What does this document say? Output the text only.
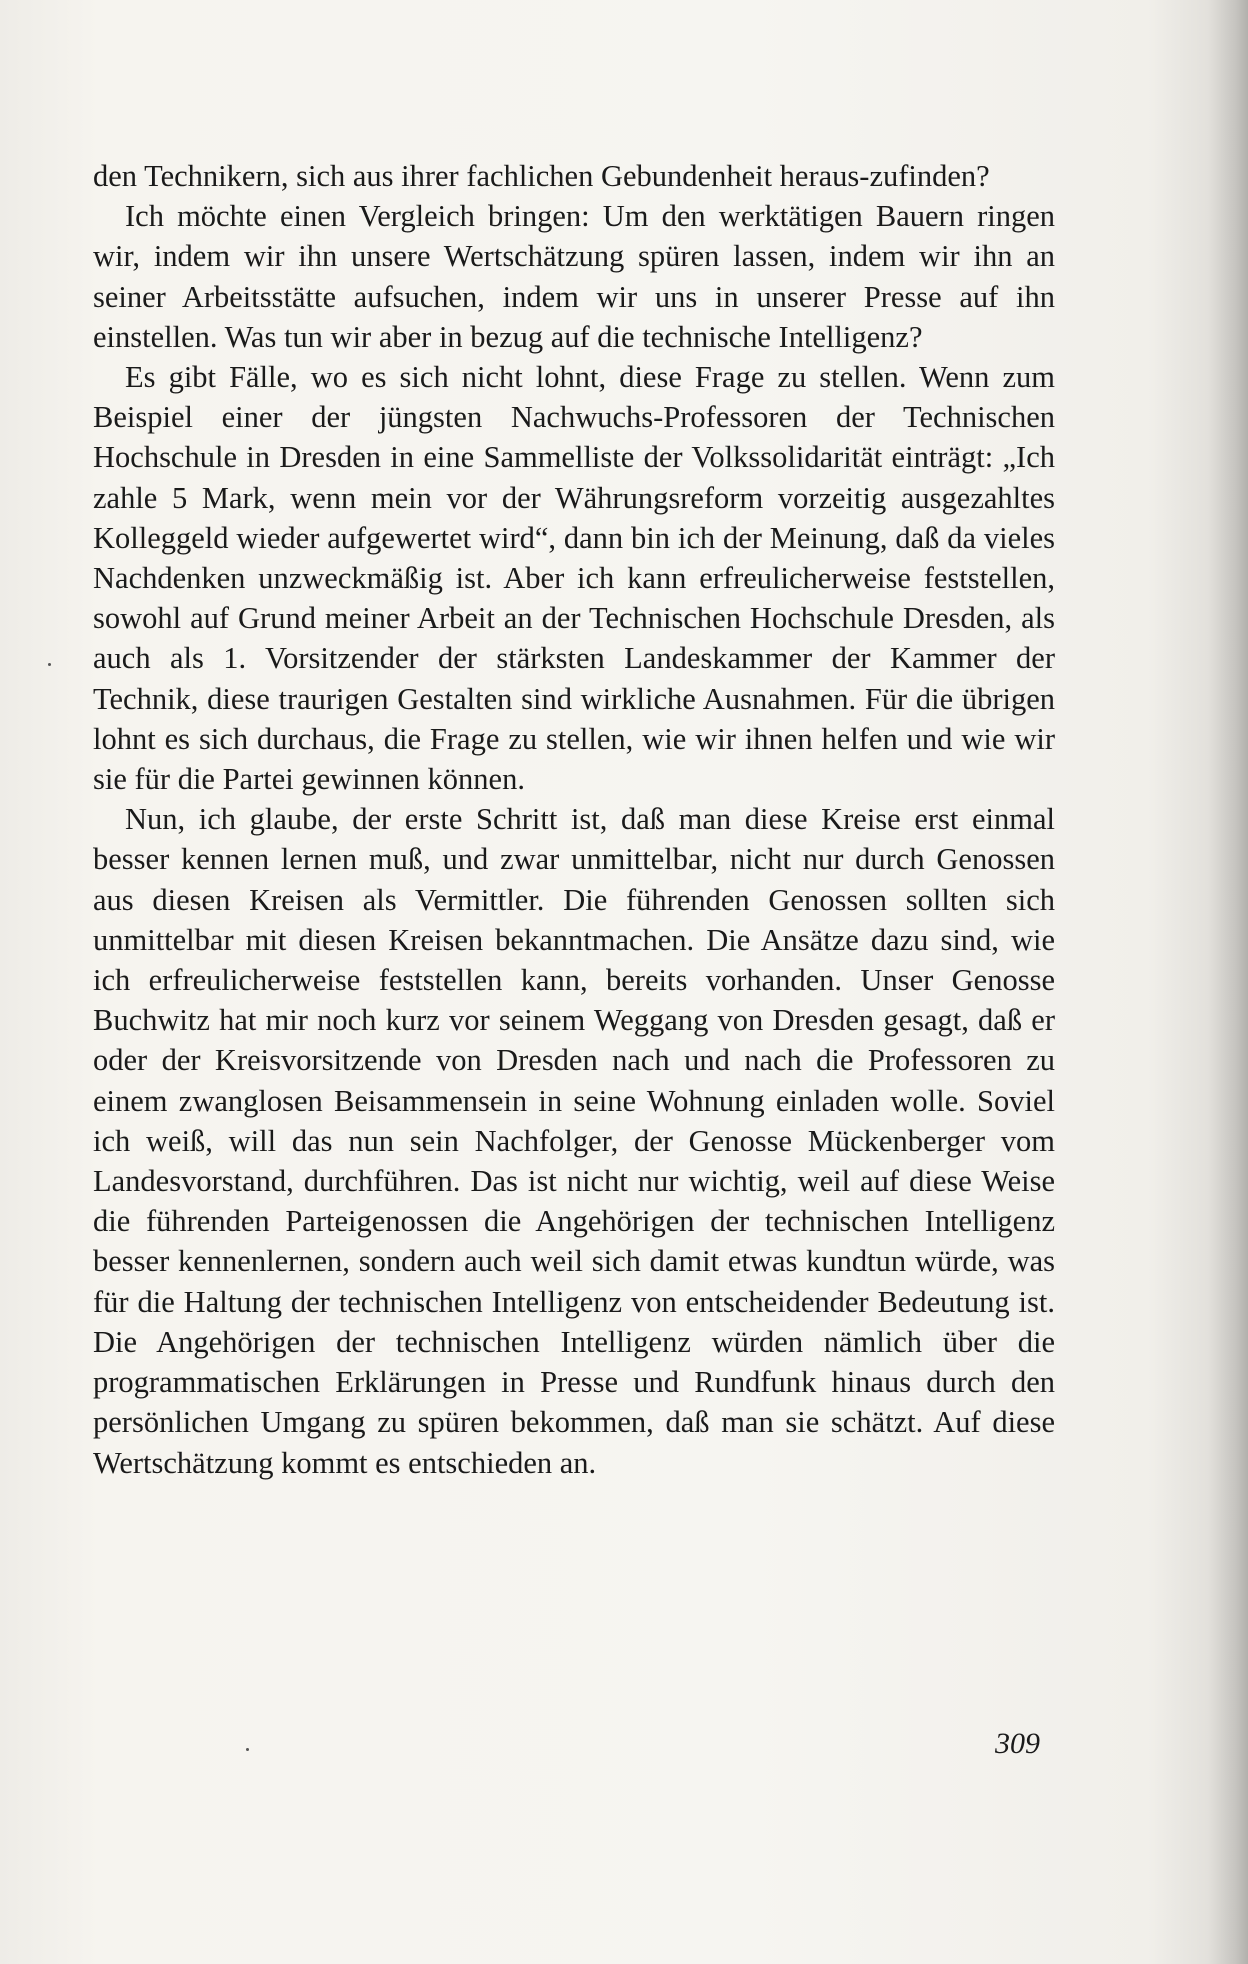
den Technikern, sich aus ihrer fachlichen Gebundenheit heraus-zufinden?

Ich möchte einen Vergleich bringen: Um den werktätigen Bauern ringen wir, indem wir ihn unsere Wertschätzung spüren lassen, indem wir ihn an seiner Arbeitsstätte aufsuchen, indem wir uns in unserer Presse auf ihn einstellen. Was tun wir aber in bezug auf die technische Intelligenz?

Es gibt Fälle, wo es sich nicht lohnt, diese Frage zu stellen. Wenn zum Beispiel einer der jüngsten Nachwuchs-Professoren der Technischen Hochschule in Dresden in eine Sammelliste der Volkssolidarität einträgt: „Ich zahle 5 Mark, wenn mein vor der Währungsreform vorzeitig ausgezahltes Kolleggeld wieder aufgewertet wird“, dann bin ich der Meinung, daß da vieles Nachdenken unzweckmäßig ist. Aber ich kann erfreulicherweise feststellen, sowohl auf Grund meiner Arbeit an der Technischen Hochschule Dresden, als auch als 1. Vorsitzender der stärksten Landeskammer der Kammer der Technik, diese traurigen Gestalten sind wirkliche Ausnahmen. Für die übrigen lohnt es sich durchaus, die Frage zu stellen, wie wir ihnen helfen und wie wir sie für die Partei gewinnen können.

Nun, ich glaube, der erste Schritt ist, daß man diese Kreise erst einmal besser kennen lernen muß, und zwar unmittelbar, nicht nur durch Genossen aus diesen Kreisen als Vermittler. Die führenden Genossen sollten sich unmittelbar mit diesen Kreisen bekanntmachen. Die Ansätze dazu sind, wie ich erfreulicherweise feststellen kann, bereits vorhanden. Unser Genosse Buchwitz hat mir noch kurz vor seinem Weggang von Dresden gesagt, daß er oder der Kreisvorsitzende von Dresden nach und nach die Professoren zu einem zwanglosen Beisammensein in seine Wohnung einladen wolle. Soviel ich weiß, will das nun sein Nachfolger, der Genosse Mückenberger vom Landesvorstand, durchführen. Das ist nicht nur wichtig, weil auf diese Weise die führenden Parteigenossen die Angehörigen der technischen Intelligenz besser kennenlernen, sondern auch weil sich damit etwas kundtun würde, was für die Haltung der technischen Intelligenz von entscheidender Bedeutung ist. Die Angehörigen der technischen Intelligenz würden nämlich über die programmatischen Erklärungen in Presse und Rundfunk hinaus durch den persönlichen Umgang zu spüren bekommen, daß man sie schätzt. Auf diese Wertschätzung kommt es entschieden an.

309
